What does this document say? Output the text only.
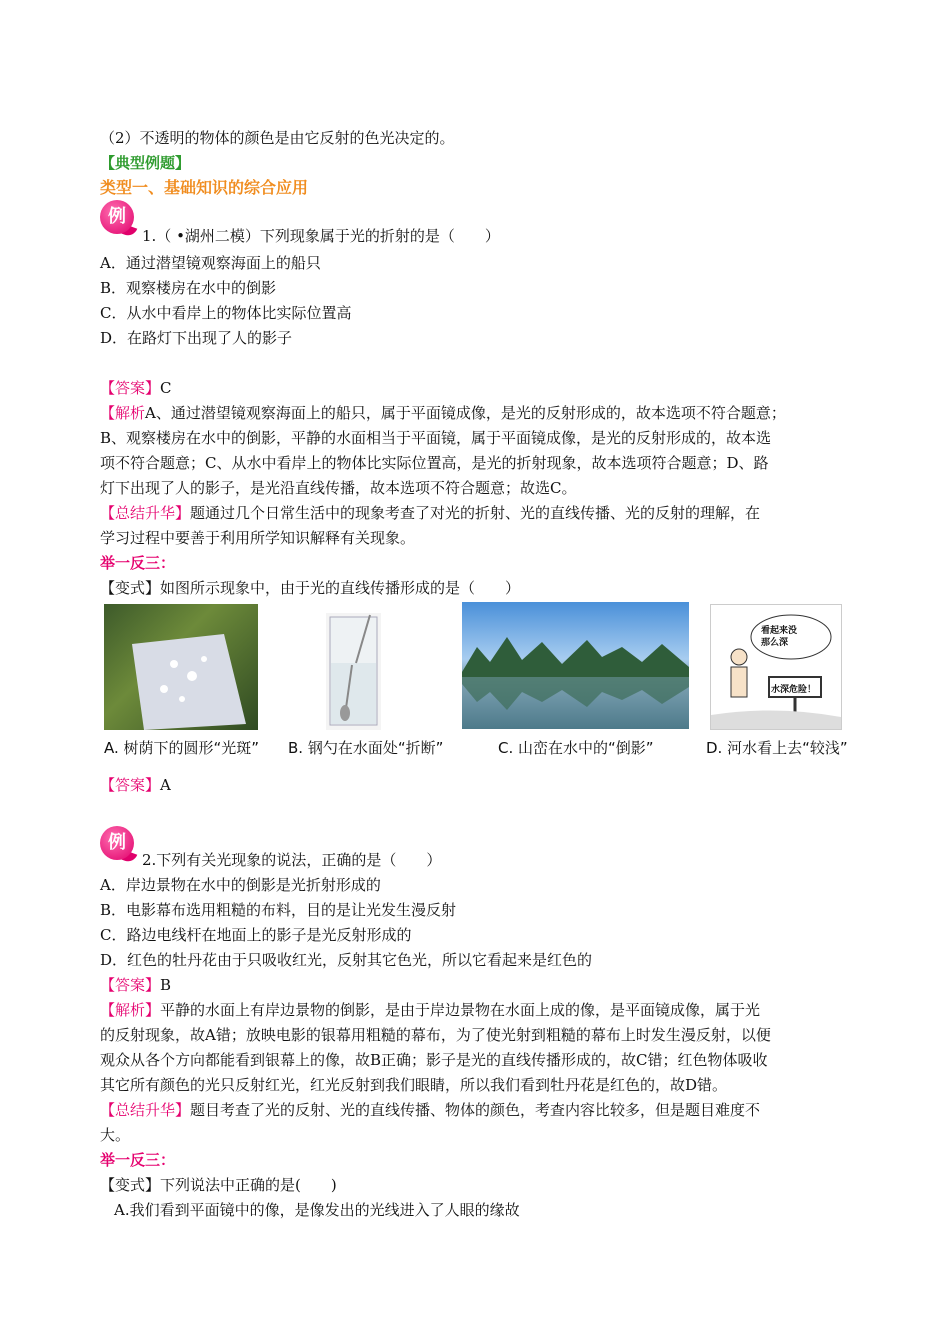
（2）不透明的物体的颜色是由它反射的色光决定的。
【典型例题】
类型一、基础知识的综合应用
例
1.（ •湖州二模）下列现象属于光的折射的是（　　）
A．通过潜望镜观察海面上的船只
B．观察楼房在水中的倒影
C．从水中看岸上的物体比实际位置高
D．在路灯下出现了人的影子
【答案】C
【解析A、通过潜望镜观察海面上的船只，属于平面镜成像，是光的反射形成的，故本选项不符合题意；
B、观察楼房在水中的倒影，平静的水面相当于平面镜，属于平面镜成像，是光的反射形成的，故本选
项不符合题意；C、从水中看岸上的物体比实际位置高，是光的折射现象，故本选项符合题意；D、路
灯下出现了人的影子，是光沿直线传播，故本选项不符合题意；故选C。
【总结升华】题通过几个日常生活中的现象考查了对光的折射、光的直线传播、光的反射的理解，在
学习过程中要善于利用所学知识解释有关现象。
举一反三：
【变式】如图所示现象中，由于光的直线传播形成的是（　　）
看起来没
那么深
水深危险！
A. 树荫下的圆形“光斑” B. 钢勺在水面处“折断”	C. 山峦在水中的“倒影”	D. 河水看上去“较浅”
【答案】A
例
2.下列有关光现象的说法，正确的是（　　）
A．岸边景物在水中的倒影是光折射形成的
B．电影幕布选用粗糙的布料，目的是让光发生漫反射
C．路边电线杆在地面上的影子是光反射形成的
D．红色的牡丹花由于只吸收红光，反射其它色光，所以它看起来是红色的
【答案】B
【解析】平静的水面上有岸边景物的倒影，是由于岸边景物在水面上成的像，是平面镜成像，属于光
的反射现象，故A错；放映电影的银幕用粗糙的幕布，为了使光射到粗糙的幕布上时发生漫反射，以便
观众从各个方向都能看到银幕上的像，故B正确；影子是光的直线传播形成的，故C错；红色物体吸收
其它所有颜色的光只反射红光，红光反射到我们眼睛，所以我们看到牡丹花是红色的，故D错。
【总结升华】题目考查了光的反射、光的直线传播、物体的颜色，考查内容比较多，但是题目难度不
大。
举一反三：
【变式】下列说法中正确的是(　　)
A.我们看到平面镜中的像，是像发出的光线进入了人眼的缘故
